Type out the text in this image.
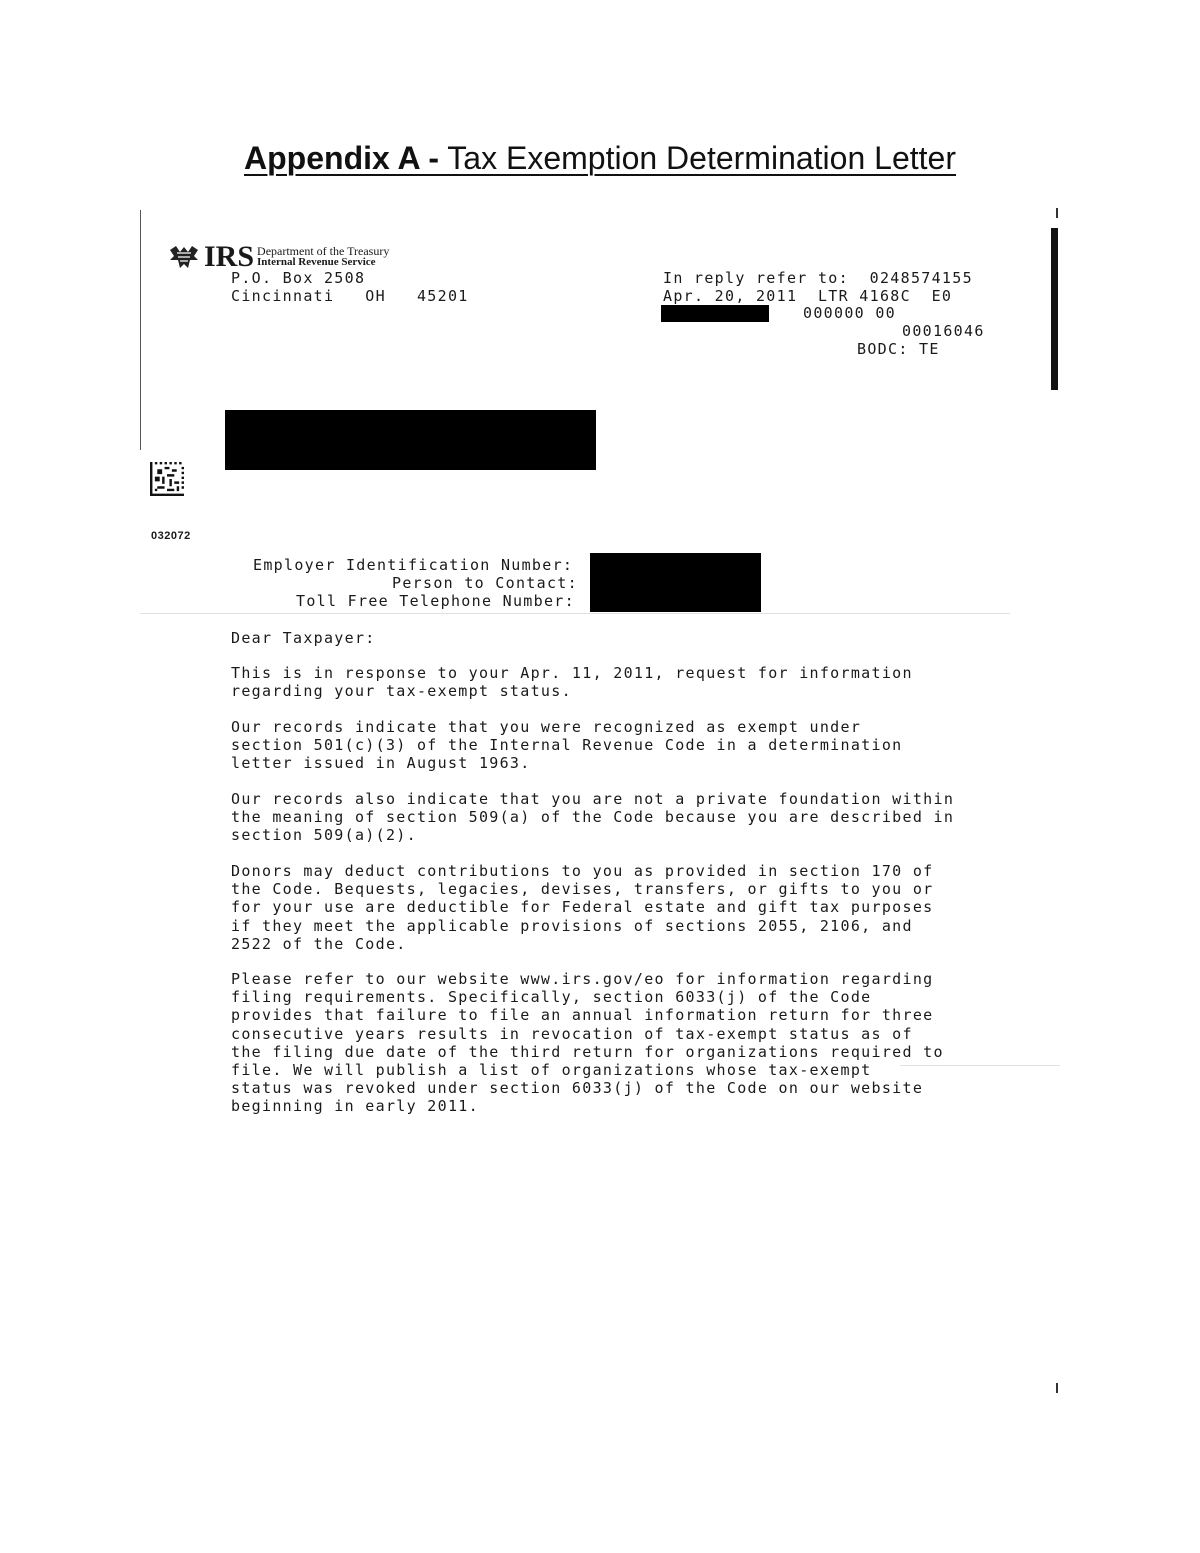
Appendix A - Tax Exemption Determination Letter
IRS Department of the Treasury
Internal Revenue Service
P.O. Box 2508
Cincinnati   OH   45201
In reply refer to:  0248574155
Apr. 20, 2011  LTR 4168C  E0
000000 00
00016046
BODC: TE
032072
Employer Identification Number:
Person to Contact:
Toll Free Telephone Number:
Dear Taxpayer:
This is in response to your Apr. 11, 2011, request for information
regarding your tax-exempt status.
Our records indicate that you were recognized as exempt under
section 501(c)(3) of the Internal Revenue Code in a determination
letter issued in August 1963.
Our records also indicate that you are not a private foundation within
the meaning of section 509(a) of the Code because you are described in
section 509(a)(2).
Donors may deduct contributions to you as provided in section 170 of
the Code. Bequests, legacies, devises, transfers, or gifts to you or
for your use are deductible for Federal estate and gift tax purposes
if they meet the applicable provisions of sections 2055, 2106, and
2522 of the Code.
Please refer to our website www.irs.gov/eo for information regarding
filing requirements. Specifically, section 6033(j) of the Code
provides that failure to file an annual information return for three
consecutive years results in revocation of tax-exempt status as of
the filing due date of the third return for organizations required to
file. We will publish a list of organizations whose tax-exempt
status was revoked under section 6033(j) of the Code on our website
beginning in early 2011.
